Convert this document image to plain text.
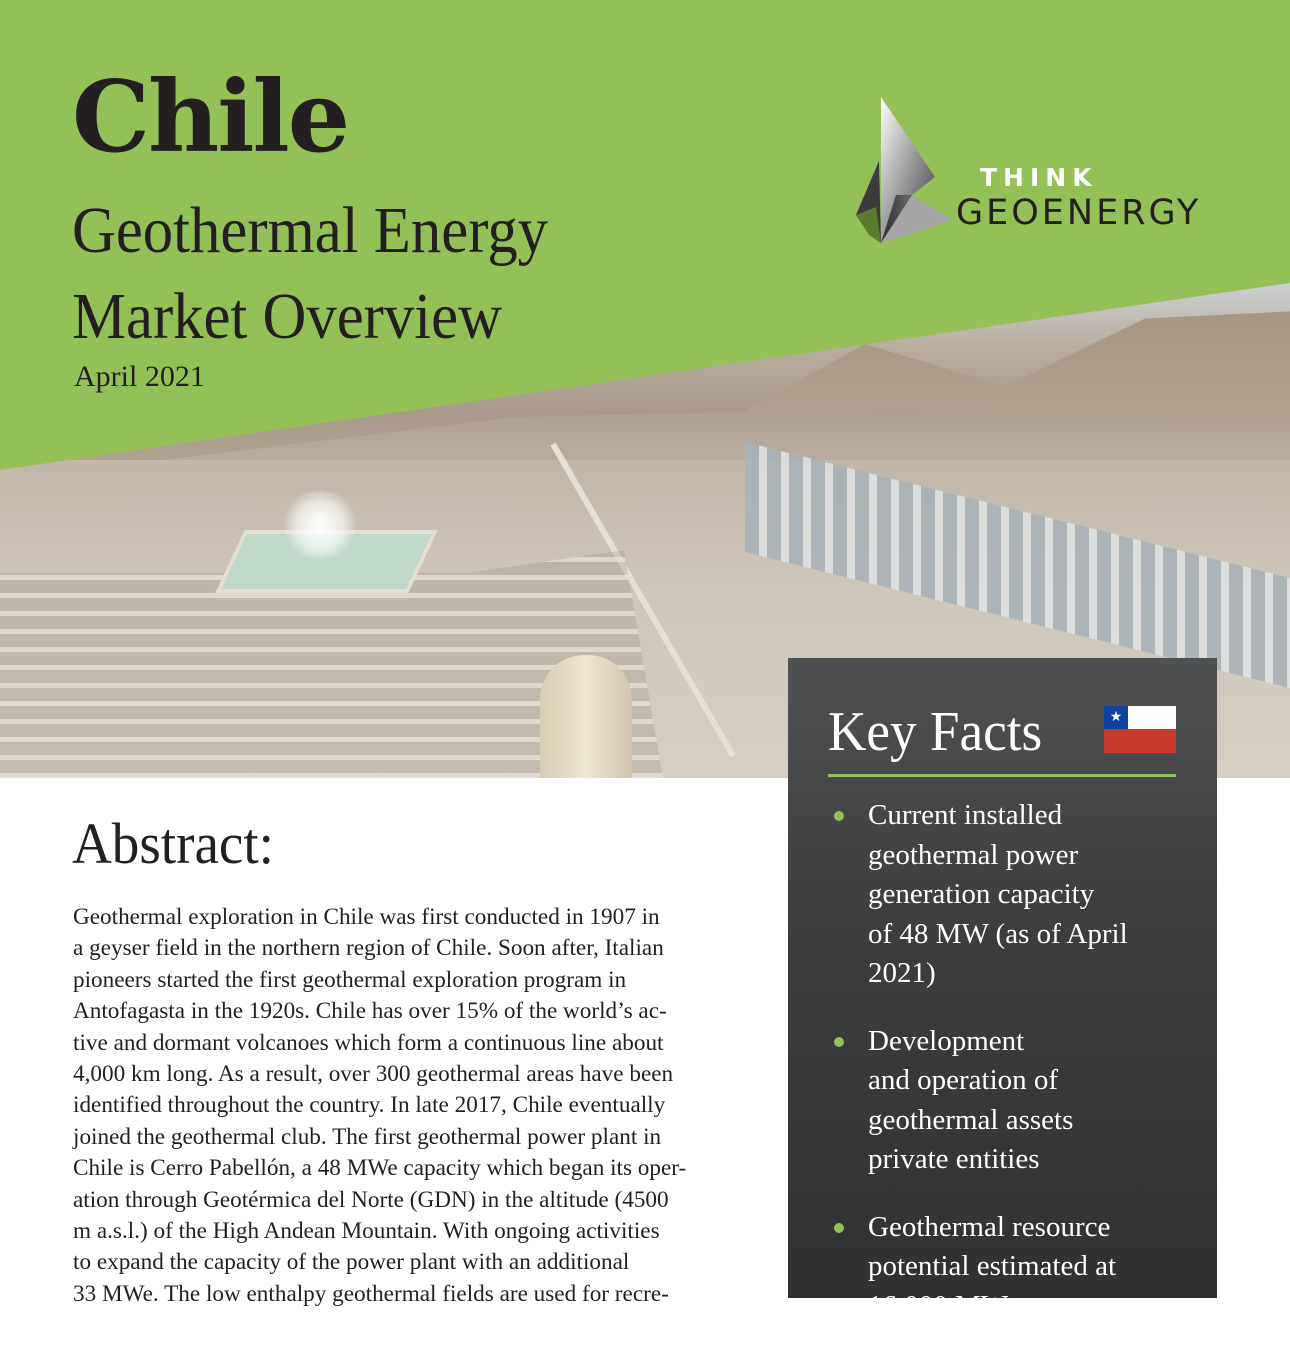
Chile
Geothermal Energy
Market Overview
April 2021
THINK
GEOENERGY
Abstract:
Geothermal exploration in Chile was first conducted in 1907 in
a geyser field in the northern region of Chile. Soon after, Italian
pioneers started the first geothermal exploration program in
Antofagasta in the 1920s. Chile has over 15% of the world’s ac-
tive and dormant volcanoes which form a continuous line about
4,000 km long. As a result, over 300 geothermal areas have been
identified throughout the country. In late 2017, Chile eventually
joined the geothermal club. The first geothermal power plant in
Chile is Cerro Pabellón, a 48 MWe capacity which began its oper-
ation through Geotérmica del Norte (GDN) in the altitude (4500
m a.s.l.) of the High Andean Mountain. With ongoing activities
to expand the capacity of the power plant with an additional
33 MWe. The low enthalpy geothermal fields are used for recre-
Key Facts	★
Current installed
geothermal power
generation capacity
of 48 MW (as of April
2021)
Development
and operation of
geothermal assets
private entities
Geothermal resource
potential estimated at
16,000 MW
